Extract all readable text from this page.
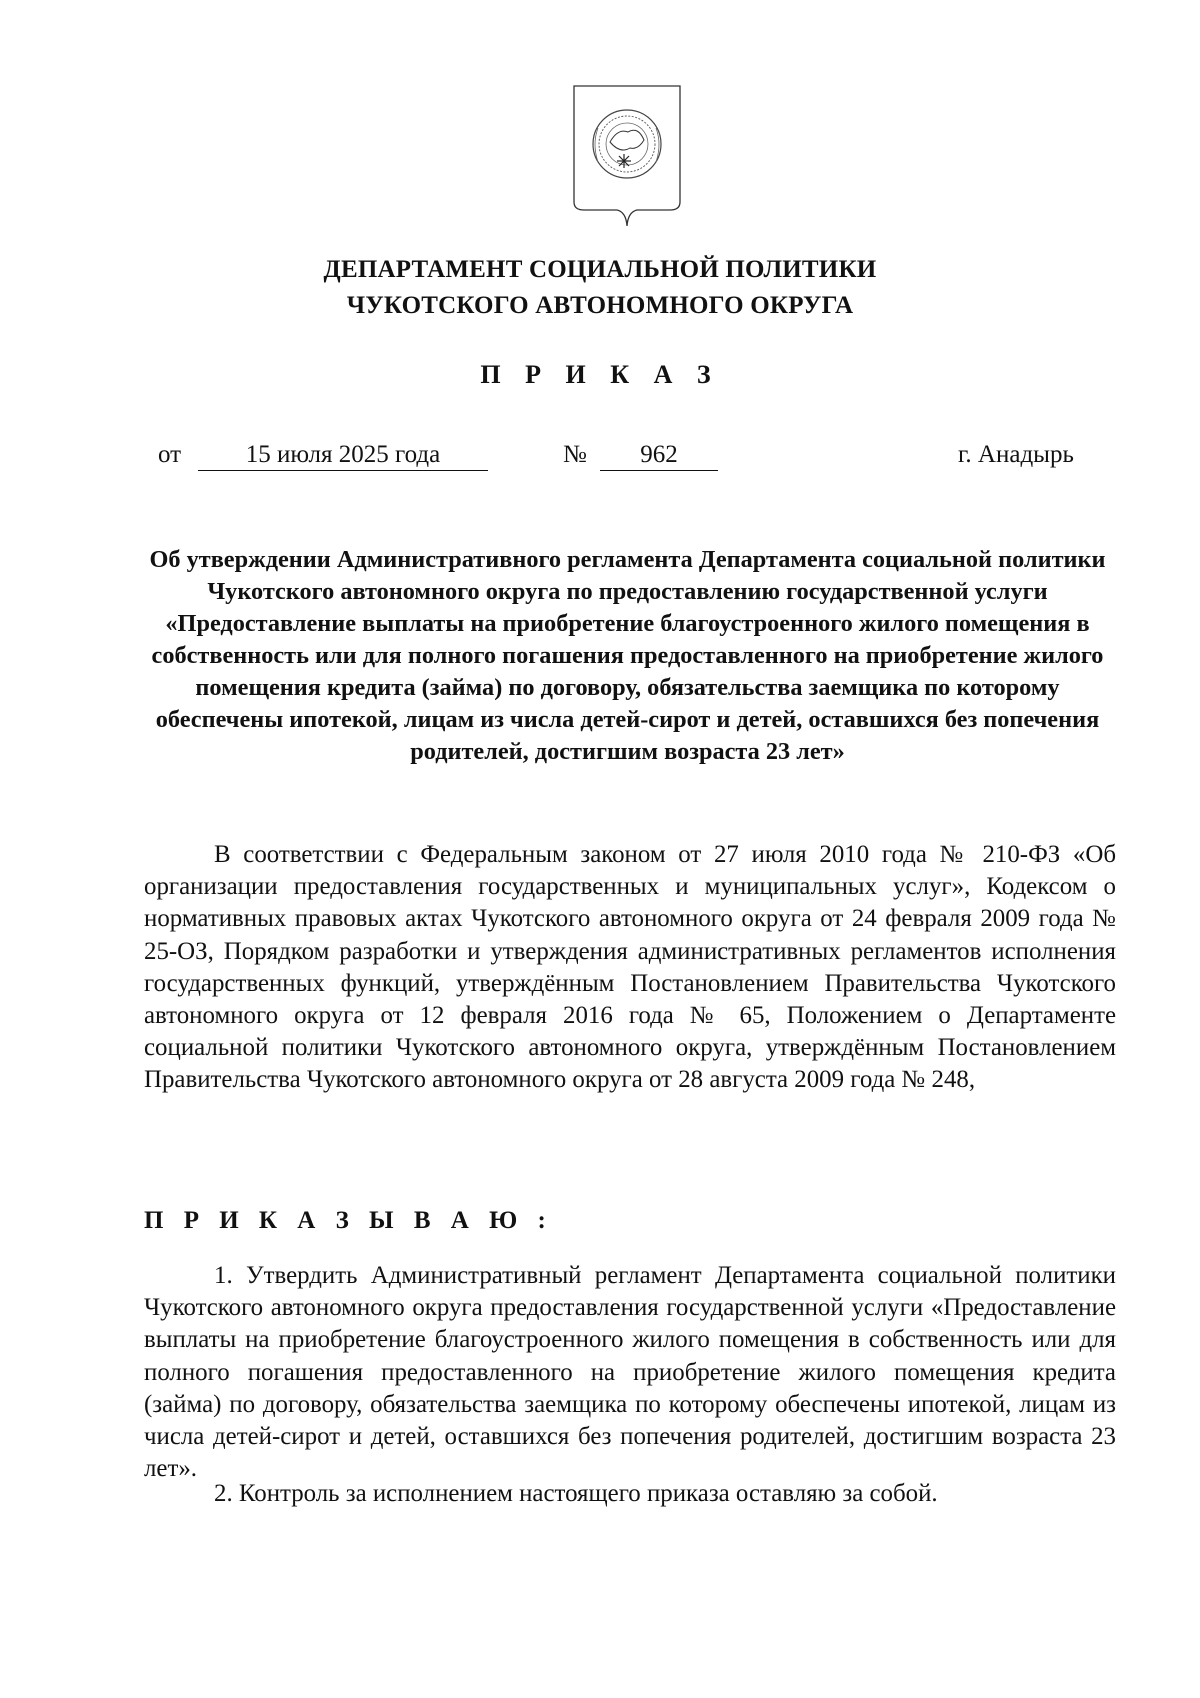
ДЕПАРТАМЕНТ СОЦИАЛЬНОЙ ПОЛИТИКИ
ЧУКОТСКОГО АВТОНОМНОГО ОКРУГА
П Р И К А З
от	15 июля 2025 года	№	962	г. Анадырь
Об утверждении Административного регламента Департамента социальной политики Чукотского автономного округа по предоставлению государственной услуги «Предоставление выплаты на приобретение благоустроенного жилого помещения в собственность или для полного погашения предоставленного на приобретение жилого помещения кредита (займа) по договору, обязательства заемщика по которому обеспечены ипотекой, лицам из числа детей-сирот и детей, оставшихся без попечения родителей, достигшим возраста 23 лет»
В соответствии с Федеральным законом от 27 июля 2010 года № 210-ФЗ «Об организации предоставления государственных и муниципальных услуг», Кодексом о нормативных правовых актах Чукотского автономного округа от 24 февраля 2009 года № 25-ОЗ, Порядком разработки и утверждения административных регламентов исполнения государственных функций, утверждённым Постановлением Правительства Чукотского автономного округа от 12 февраля 2016 года № 65, Положением о Департаменте социальной политики Чукотского автономного округа, утверждённым Постановлением Правительства Чукотского автономного округа от 28 августа 2009 года № 248,
П Р И К А З Ы В А Ю :
1. Утвердить Административный регламент Департамента социальной политики Чукотского автономного округа предоставления государственной услуги «Предоставление выплаты на приобретение благоустроенного жилого помещения в собственность или для полного погашения предоставленного на приобретение жилого помещения кредита (займа) по договору, обязательства заемщика по которому обеспечены ипотекой, лицам из числа детей-сирот и детей, оставшихся без попечения родителей, достигшим возраста 23 лет».
2. Контроль за исполнением настоящего приказа оставляю за собой.
